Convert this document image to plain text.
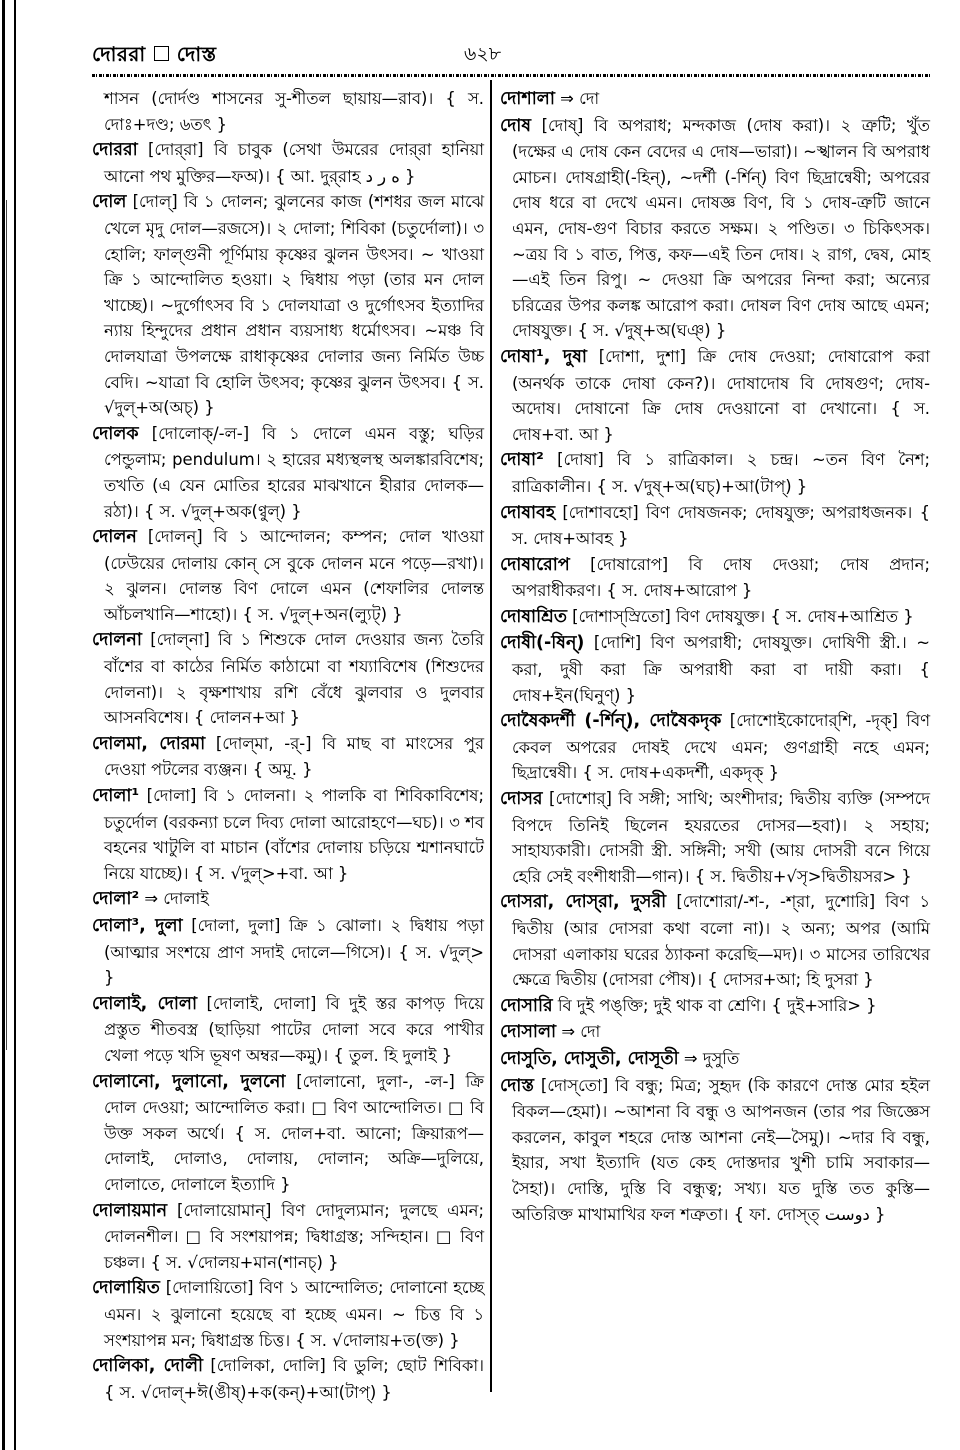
দোররা দোস্ত	৬২৮
শাসন (দোর্দণ্ড শাসনের সু-শীতল ছায়ায়—রাব)। { স. দোঃ+দণ্ড; ৬তৎ }
দোররা [দোর্‌রা] বি চাবুক (সেথা উমরের দোর্‌রা হানিয়া আনো পথ মুক্তির—ফঅ)। { আ. দুর্‌রাহ ه ر د }
দোল [দোল্] বি ১ দোলন; ঝুলনের কাজ (শশধর জল মাঝে খেলে মৃদু দোল—রজসে)। ২ দোলা; শিবিকা (চতুর্দোলা)। ৩ হোলি; ফাল্গুনী পূর্ণিমায় কৃষ্ণের ঝুলন উৎসব। ~ খাওয়া ক্রি ১ আন্দোলিত হওয়া। ২ দ্বিধায় পড়া (তার মন দোল খাচ্ছে)। ~দুর্গোৎসব বি ১ দোলযাত্রা ও দুর্গোৎসব ইত্যাদির ন্যায় হিন্দুদের প্রধান প্রধান ব্যয়সাধ্য ধর্মোৎসব। ~মঞ্চ বি দোলযাত্রা উপলক্ষে রাধাকৃষ্ণের দোলার জন্য নির্মিত উচ্চ বেদি। ~যাত্রা বি হোলি উৎসব; কৃষ্ণের ঝুলন উৎসব। { স. √দুল্+অ(অচ্) }
দোলক [দোলোক্/-ল-] বি ১ দোলে এমন বস্তু; ঘড়ির পেন্ডুলাম; pendulum। ২ হারের মধ্যস্থলস্থ অলঙ্কারবিশেষ; তখতি (এ যেন মোতির হারের মাঝখানে হীরার দোলক—রঠা)। { স. √দুল্+অক(ণ্বুল্) }
দোলন [দোলন্] বি ১ আন্দোলন; কম্পন; দোল খাওয়া (ঢেউয়ের দোলায় কোন্ সে বুকে দোলন মনে পড়ে—রখা)। ২ ঝুলন। দোলন্ত বিণ দোলে এমন (শেফালির দোলন্ত আঁচলখানি—শাহো)। { স. √দুল্+অন(ল্যুট্) }
দোলনা [দোল্‌না] বি ১ শিশুকে দোল দেওয়ার জন্য তৈরি বাঁশের বা কাঠের নির্মিত কাঠামো বা শয্যাবিশেষ (শিশুদের দোলনা)। ২ বৃক্ষশাখায় রশি বেঁধে ঝুলবার ও দুলবার আসনবিশেষ। { দোলন+আ }
দোলমা, দোরমা [দোল্‌মা, -র্-] বি মাছ বা মাংসের পুর দেওয়া পটলের ব্যঞ্জন। { অমূ. }
দোলা¹ [দোলা] বি ১ দোলনা। ২ পালকি বা শিবিকাবিশেষ; চতুর্দোল (বরকন্যা চলে দিব্য দোলা আরোহণে—ঘচ)। ৩ শব বহনের খাটুলি বা মাচান (বাঁশের দোলায় চড়িয়ে শ্মশানঘাটে নিয়ে যাচ্ছে)। { স. √দুল্>+বা. আ }
দোলা² ⇒ দোলাই
দোলা³, দুলা [দোলা, দুলা] ক্রি ১ ঝোলা। ২ দ্বিধায় পড়া (আত্মার সংশয়ে প্রাণ সদাই দোলে—গিসে)। { স. √দুল্> }
দোলাই, দোলা [দোলাই, দোলা] বি দুই স্তর কাপড় দিয়ে প্রস্তুত শীতবস্ত্র (ছাড়িয়া পাটের দোলা সবে করে পাখীর খেলা পড়ে খসি ভূষণ অম্বর—কমু)। { তুল. হি দুলাই }
দোলানো, দুলানো, দুলনো [দোলানো, দুলা-, -ল-] ক্রি দোল দেওয়া; আন্দোলিত করা। □ বিণ আন্দোলিত। □ বি উক্ত সকল অর্থে। { স. দোল+বা. আনো; ক্রিয়ারূপ—দোলাই, দোলাও, দোলায়, দোলান; অক্রি—দুলিয়ে, দোলাতে, দোলালে ইত্যাদি }
দোলায়মান [দোলায়োমান্] বিণ দোদুল্যমান; দুলছে এমন; দোলনশীল। □ বি সংশয়াপন্ন; দ্বিধাগ্রস্ত; সন্দিহান। □ বিণ চঞ্চল। { স. √দোলয়+মান(শানচ্) }
দোলায়িত [দোলায়িতো] বিণ ১ আন্দোলিত; দোলানো হচ্ছে এমন। ২ ঝুলানো হয়েছে বা হচ্ছে এমন। ~ চিত্ত বি ১ সংশয়াপন্ন মন; দ্বিধাগ্রস্ত চিত্ত। { স. √দোলায়+ত(ক্ত) }
দোলিকা, দোলী [দোলিকা, দোলি] বি ডুলি; ছোট শিবিকা। { স. √দোল্+ঈ(ঙীষ্)+ক(কন্)+আ(টাপ্) }
দোশালা ⇒ দো
দোষ [দোষ্] বি অপরাধ; মন্দকাজ (দোষ করা)। ২ ত্রুটি; খুঁত (দক্ষের এ দোষ কেন বেদের এ দোষ—ভারা)। ~স্খালন বি অপরাধ মোচন। দোষগ্রাহী(-হিন্), ~দর্শী (-র্শিন্) বিণ ছিদ্রান্বেষী; অপরের দোষ ধরে বা দেখে এমন। দোষজ্ঞ বিণ, বি ১ দোষ-ত্রুটি জানে এমন, দোষ-গুণ বিচার করতে সক্ষম। ২ পণ্ডিত। ৩ চিকিৎসক। ~ত্রয় বি ১ বাত, পিত্ত, কফ—এই তিন দোষ। ২ রাগ, দ্বেষ, মোহ—এই তিন রিপু। ~ দেওয়া ক্রি অপরের নিন্দা করা; অন্যের চরিত্রের উপর কলঙ্ক আরোপ করা। দোষল বিণ দোষ আছে এমন; দোষযুক্ত। { স. √দুষ্+অ(ঘঞ্) }
দোষা¹, দুষা [দোশা, দুশা] ক্রি দোষ দেওয়া; দোষারোপ করা (অনর্থক তাকে দোষা কেন?)। দোষাদোষ বি দোষগুণ; দোষ-অদোষ। দোষানো ক্রি দোষ দেওয়ানো বা দেখানো। { স. দোষ+বা. আ }
দোষা² [দোষা] বি ১ রাত্রিকাল। ২ চন্দ্র। ~তন বিণ নৈশ; রাত্রিকালীন। { স. √দুষ্+অ(ঘচ্)+আ(টাপ্) }
দোষাবহ [দোশাবহো] বিণ দোষজনক; দোষযুক্ত; অপরাধজনক। { স. দোষ+আবহ }
দোষারোপ [দোষারোপ] বি দোষ দেওয়া; দোষ প্রদান; অপরাধীকরণ। { স. দোষ+আরোপ }
দোষাশ্রিত [দোশাস্‌স্রিতো] বিণ দোষযুক্ত। { স. দোষ+আশ্রিত }
দোষী(-ষিন্) [দোশি] বিণ অপরাধী; দোষযুক্ত। দোষিণী স্ত্রী.। ~ করা, দুষী করা ক্রি অপরাধী করা বা দায়ী করা। { দোষ+ইন(ঘিনুণ্) }
দোষৈকদর্শী (-র্শিন্), দোষৈকদৃক [দোশোইকোদোর্‌শি, -দৃক্] বিণ কেবল অপরের দোষই দেখে এমন; গুণগ্রাহী নহে এমন; ছিদ্রান্বেষী। { স. দোষ+একদর্শী, একদৃক্ }
দোসর [দোশোর্] বি সঙ্গী; সাথি; অংশীদার; দ্বিতীয় ব্যক্তি (সম্পদে বিপদে তিনিই ছিলেন হযরতের দোসর—হবা)। ২ সহায়; সাহায্যকারী। দোসরী স্ত্রী. সঙ্গিনী; সখী (আয় দোসরী বনে গিয়ে হেরি সেই বংশীধারী—গান)। { স. দ্বিতীয়+√সৃ>দ্বিতীয়সর> }
দোসরা, দোস্‌রা, দুসরী [দোশোরা/-শ-, -শ্‌রা, দুশোরি] বিণ ১ দ্বিতীয় (আর দোসরা কথা বলো না)। ২ অন্য; অপর (আমি দোসরা এলাকায় ঘরের ঠ্যাকনা করেছি—মদ)। ৩ মাসের তারিখের ক্ষেত্রে দ্বিতীয় (দোসরা পৌষ)। { দোসর+আ; হি দুসরা }
দোসারি বি দুই পঙ্‌ক্তি; দুই থাক বা শ্রেণি। { দুই+সারি> }
দোসালা ⇒ দো
দোসুতি, দোসুতী, দোসূতী ⇒ দুসুতি
দোস্ত [দোস্‌তো] বি বন্ধু; মিত্র; সুহৃদ (কি কারণে দোস্ত মোর হইল বিকল—হেমা)। ~আশনা বি বন্ধু ও আপনজন (তার পর জিজ্ঞেস করলেন, কাবুল শহরে দোস্ত আশনা নেই—সৈমু)। ~দার বি বন্ধু, ইয়ার, সখা ইত্যাদি (যত কেহ দোস্তদার খুশী চামি সবাকার—সৈহা)। দোস্তি, দুস্তি বি বন্ধুত্ব; সখ্য। যত দুস্তি তত কুস্তি—অতিরিক্ত মাখামাখির ফল শত্রুতা। { ফা. দোস্ত্ دوست }
